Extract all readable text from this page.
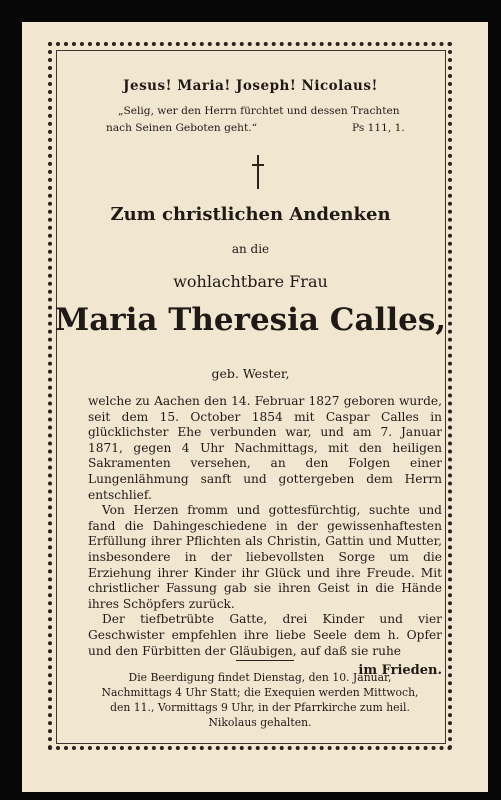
Jesus! Maria! Joseph! Nicolaus!
„Selig, wer den Herrn fürchtet und dessen Trachten
nach Seinen Geboten geht.“	Ps 111, 1.
Zum christlichen Andenken
an die
wohlachtbare Frau
Maria Theresia Calles,
geb. Wester,

welche zu Aachen den 14. Februar 1827 geboren wurde, seit dem 15. October 1854 mit Caspar Calles in glücklichster Ehe verbunden war, und am 7. Januar 1871, gegen 4 Uhr Nachmittags, mit den heiligen Sakramenten versehen, an den Folgen einer Lungenlähmung sanft und gottergeben dem Herrn entschlief.

Von Herzen fromm und gottesfürchtig, suchte und fand die Dahingeschiedene in der gewissenhaftesten Erfüllung ihrer Pflichten als Christin, Gattin und Mutter, insbesondere in der liebevollsten Sorge um die Erziehung ihrer Kinder ihr Glück und ihre Freude. Mit christlicher Fassung gab sie ihren Geist in die Hände ihres Schöpfers zurück.

Der tiefbetrübte Gatte, drei Kinder und vier Geschwister empfehlen ihre liebe Seele dem h. Opfer und den Fürbitten der Gläubigen, auf daß sie ruhe

im Frieden.

Die Beerdigung findet Dienstag, den 10. Januar,
Nachmittags 4 Uhr Statt; die Exequien werden Mittwoch,
den 11., Vormittags 9 Uhr, in der Pfarrkirche zum heil.
Nikolaus gehalten.
